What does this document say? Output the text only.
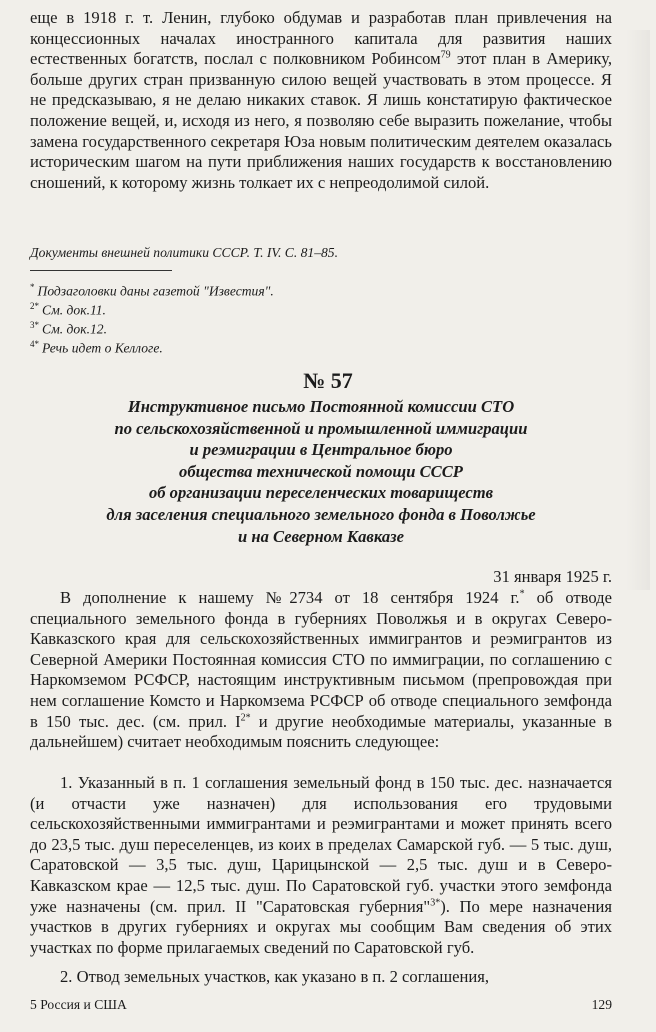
еще в 1918 г. т. Ленин, глубоко обдумав и разработав план привлечения на концессионных началах иностранного капитала для развития наших естественных богатств, послал с полковником Робинсом$^{79}$ этот план в Америку, больше других стран призванную силою вещей участвовать в этом процессе. Я не предсказываю, я не делаю никаких ставок. Я лишь констатирую фактическое положение вещей, и, исходя из него, я позволяю себе выразить пожелание, чтобы замена государственного секретаря Юза новым политическим деятелем оказалась историческим шагом на пути приближения наших государств к восстановлению сношений, к которому жизнь толкает их с непреодолимой силой.

Документы внешней политики СССР. Т. IV. С. 81–85.

* Подзаголовки даны газетой "Известия".

$^{2*}$ См. док.11.

$^{3*}$ См. док.12.

$^{4*}$ Речь идет о Келлоге.

№ 57

Инструктивное письмо Постоянной комиссии СТО
по сельскохозяйственной и промышленной иммиграции
и реэмиграции в Центральное бюро
общества технической помощи СССР
об организации переселенческих товариществ
для заселения специального земельного фонда в Поволжье
и на Северном Кавказе

31 января 1925 г.

В дополнение к нашему №2734 от 18 сентября 1924 г.* об отводе специального земельного фонда в губерниях Поволжья и в округах Северо-Кавказского края для сельскохозяйственных иммигрантов и реэмигрантов из Северной Америки Постоянная комиссия СТО по иммиграции, по соглашению с Наркомземом РСФСР, настоящим инструктивным письмом (препровождая при нем соглашение Комсто и Наркомзема РСФСР об отводе специального земфонда в 150 тыс. дес. (см. прил. $I^{2*}$ и другие необходимые материалы, указанные в дальнейшем) считает необходимым пояснить следующее:

1. Указанный в п. 1 соглашения земельный фонд в 150 тыс. дес. назначается (и отчасти уже назначен) для использования его трудовыми сельскохозяйственными иммигрантами и реэмигрантами и может принять всего до 23,5 тыс. душ переселенцев, из коих в пределах Самарской губ. — 5 тыс. душ, Саратовской — 3,5 тыс. душ, Царицынской — 2,5 тыс. душ и в Северо-Кавказском крае — 12,5 тыс. душ. По Саратовской губ. участки этого земфонда уже назначены (см. прил. II "Саратовская губерния"$^{3*}$). По мере назначения участков в других губерниях и округах мы сообщим Вам сведения об этих участках по форме прилагаемых сведений по Саратовской губ.

2. Отвод земельных участков, как указано в п. 2 соглашения,

5 Россия и США	129
